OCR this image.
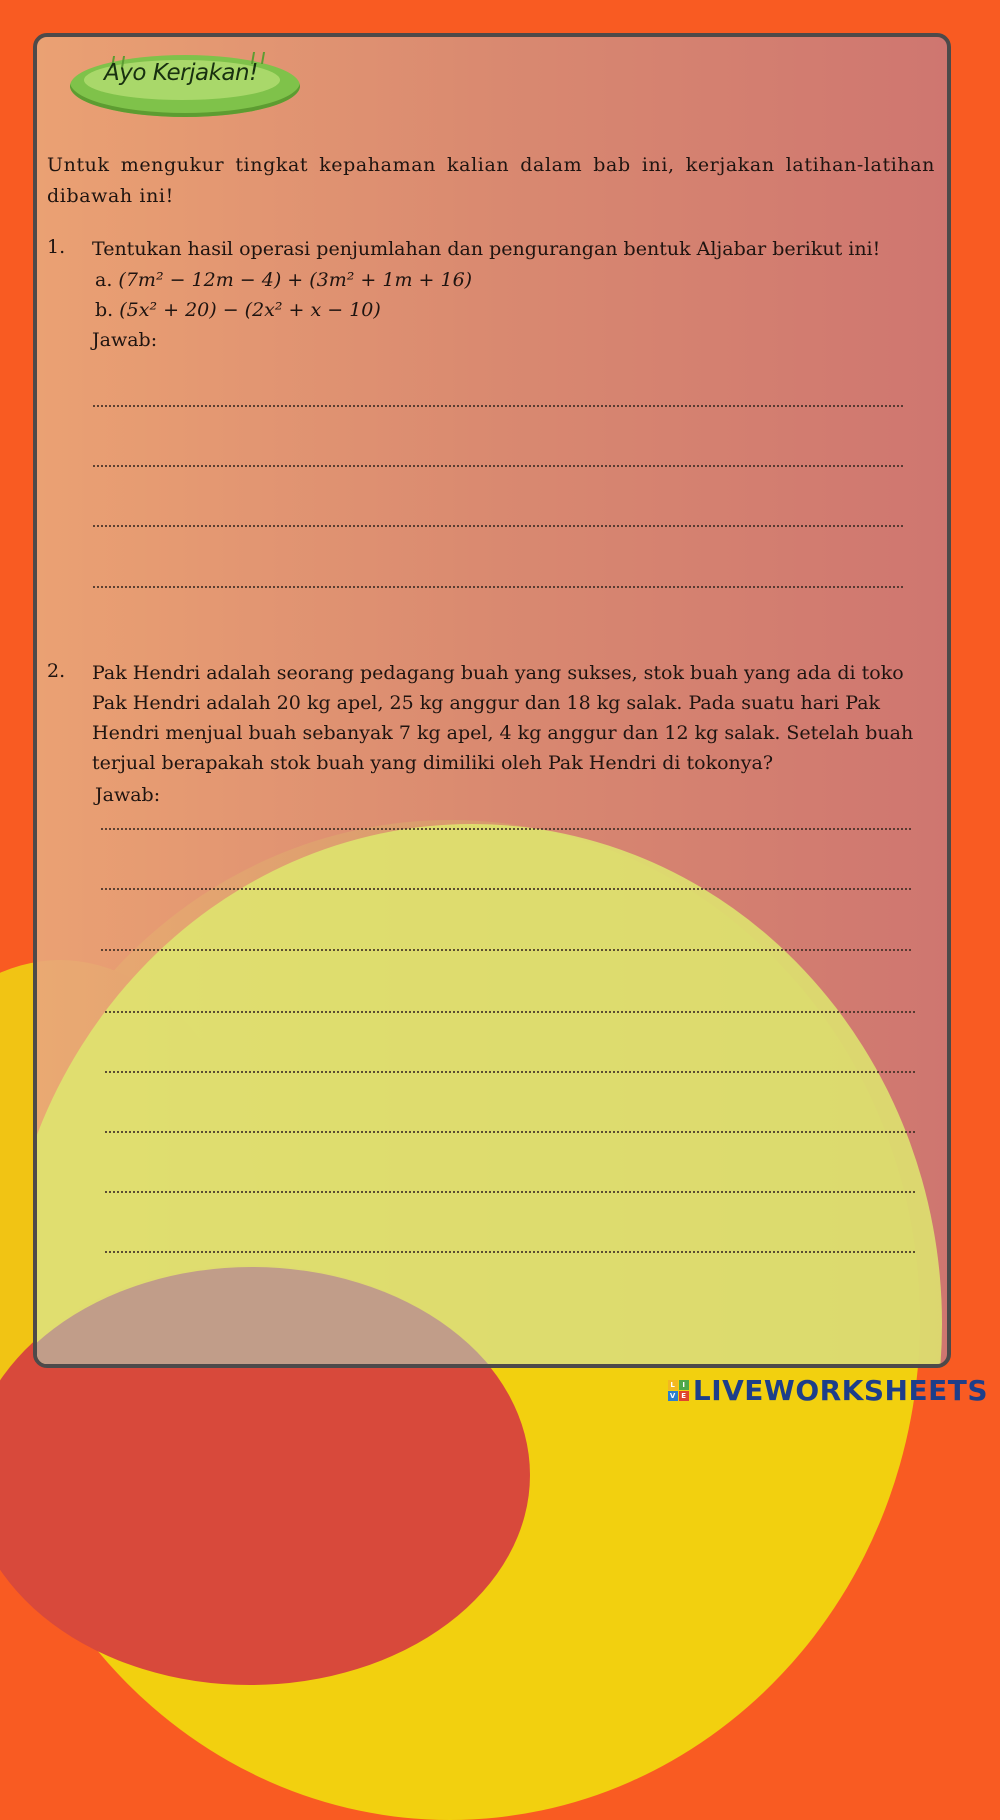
Ayo Kerjakan!
Untuk mengukur tingkat kepahaman kalian dalam bab ini, kerjakan latihan-latihan dibawah ini!
1. Tentukan hasil operasi penjumlahan dan pengurangan bentuk Aljabar berikut ini!
a. (7m² − 12m − 4) + (3m² + 1m + 16)
b. (5x² + 20) − (2x² + x − 10)
Jawab:
2. Pak Hendri adalah seorang pedagang buah yang sukses, stok buah yang ada di toko
Pak Hendri adalah 20 kg apel, 25 kg anggur dan 18 kg salak. Pada suatu hari Pak
Hendri menjual buah sebanyak 7 kg apel, 4 kg anggur dan 12 kg salak. Setelah buah
terjual berapakah stok buah yang dimiliki oleh Pak Hendri di tokonya?
Jawab:
L I
V E LIVEWORKSHEETS
